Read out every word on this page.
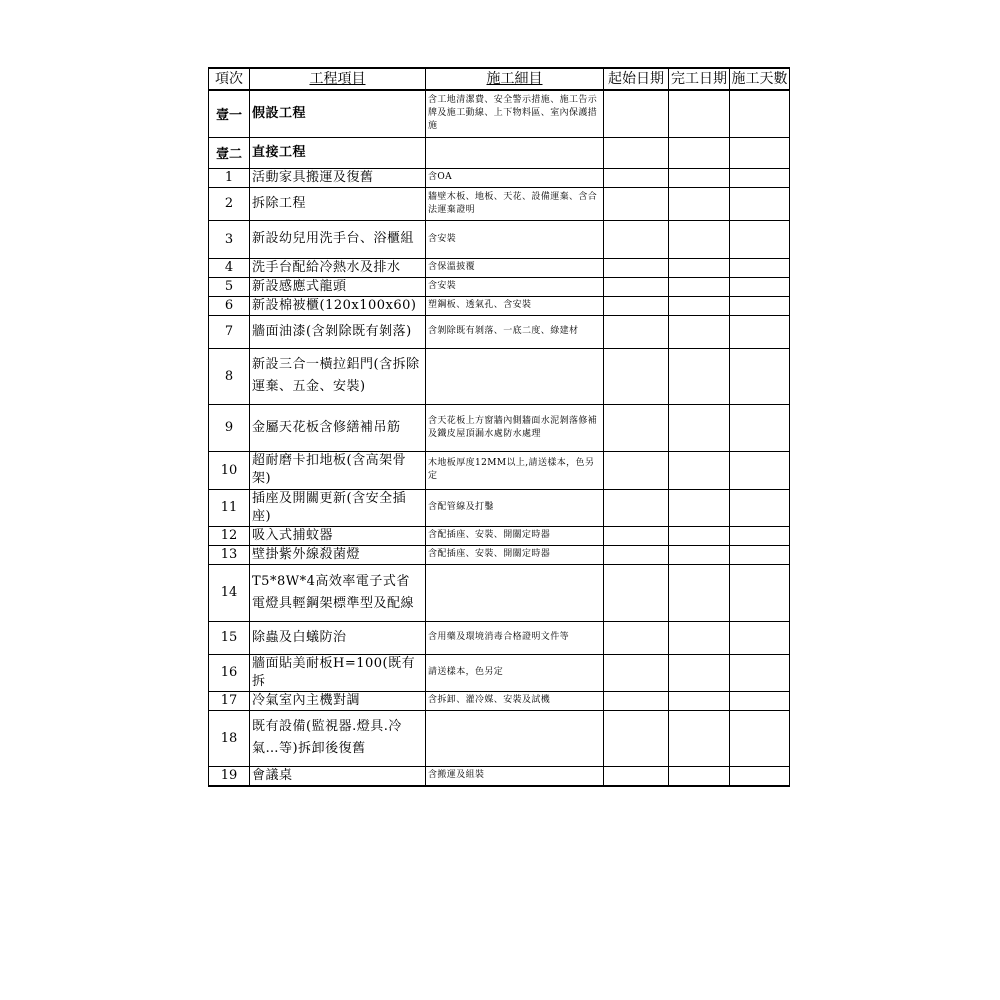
項次	工程項目	施工細目	起始日期	完工日期	施工天數
壹一	假設工程	含工地清潔費、安全警示措施、施工告示牌及施工動線、上下物料區、室內保護措施			
壹二	直接工程				
1	活動家具搬運及復舊	含OA			
2	拆除工程	牆壁木板、地板、天花、設備運棄、含合法運棄證明			
3	新設幼兒用洗手台、浴櫃組	含安裝			
4	洗手台配給冷熱水及排水	含保溫披覆			
5	新設感應式龍頭	含安裝			
6	新設棉被櫃(120x100x60)	塑鋼板、透氣孔、含安裝			
7	牆面油漆(含剝除既有剝落)	含剝除既有剝落、一底二度、綠建材			
8	新設三合一橫拉鋁門(含拆除運棄、五金、安裝)				
9	金屬天花板含修繕補吊筋	含天花板上方窗牆內側牆面水泥剝落修補及鐵皮屋頂漏水處防水處理			
10	超耐磨卡扣地板(含高架骨架)	木地板厚度12MM以上,請送樣本，色另定			
11	插座及開關更新(含安全插座)	含配管線及打鑿			
12	吸入式捕蚊器	含配插座、安裝、開關定時器			
13	壁掛紫外線殺菌燈	含配插座、安裝、開關定時器			
14	T5*8W*4高效率電子式省電燈具輕鋼架標準型及配線				
15	除蟲及白蟻防治	含用藥及環境消毒合格證明文件等			
16	牆面貼美耐板H=100(既有拆	請送樣本，色另定			
17	冷氣室內主機對調	含拆卸、灌冷媒、安裝及試機			
18	既有設備(監視器.燈具.冷氣…等)拆卸後復舊				
19	會議桌	含搬運及組裝			
